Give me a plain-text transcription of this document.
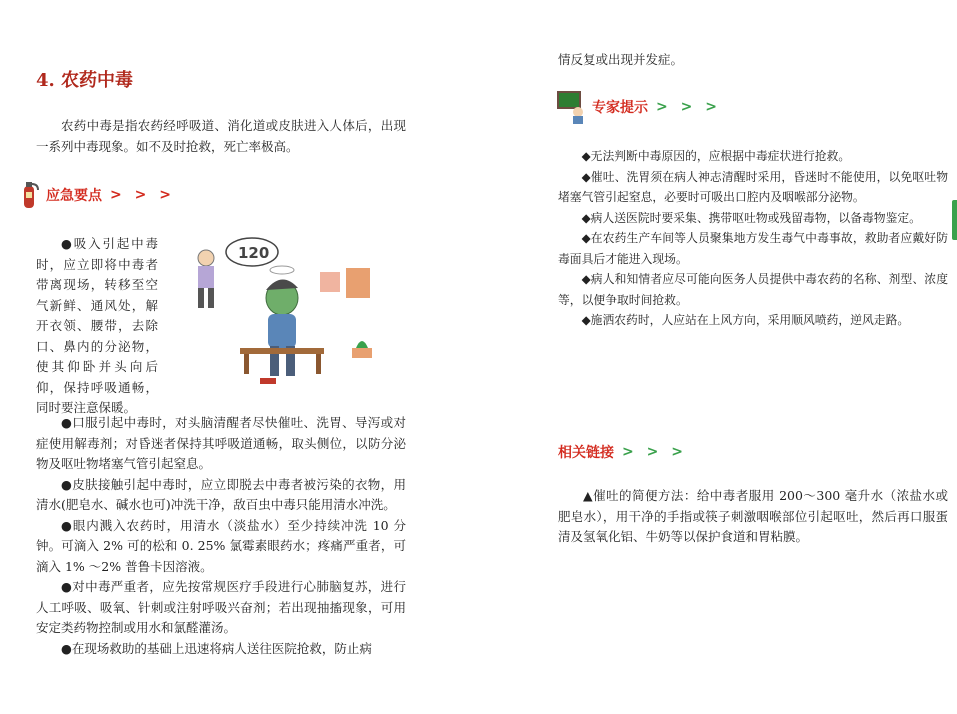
4. 农药中毒

农药中毒是指农药经呼吸道、消化道或皮肤进入人体后，出现一系列中毒现象。如不及时抢救，死亡率极高。

应急要点 > > >

●吸入引起中毒时，应立即将中毒者带离现场，转移至空气新鲜、通风处，解开衣领、腰带，去除口、鼻内的分泌物，使其仰卧并头向后仰，保持呼吸通畅，同时要注意保暖。

120

●口服引起中毒时，对头脑清醒者尽快催吐、洗胃、导泻或对症使用解毒剂；对昏迷者保持其呼吸道通畅，取头侧位，以防分泌物及呕吐物堵塞气管引起窒息。

●皮肤接触引起中毒时，应立即脱去中毒者被污染的衣物，用清水(肥皂水、碱水也可)冲洗干净，敌百虫中毒只能用清水冲洗。

●眼内溅入农药时，用清水（淡盐水）至少持续冲洗 10 分钟。可滴入 2% 可的松和 0. 25% 氯霉素眼药水；疼痛严重者，可滴入 1% ～2% 普鲁卡因溶液。

●对中毒严重者，应先按常规医疗手段进行心肺脑复苏，进行人工呼吸、吸氧、针刺或注射呼吸兴奋剂；若出现抽搐现象，可用安定类药物控制或用水和氯醛灌汤。

●在现场救助的基础上迅速将病人送往医院抢救，防止病

情反复或出现并发症。

专家提示 > > >

◆无法判断中毒原因的，应根据中毒症状进行抢救。

◆催吐、洗胃须在病人神志清醒时采用，昏迷时不能使用，以免呕吐物堵塞气管引起窒息，必要时可吸出口腔内及咽喉部分泌物。

◆病人送医院时要采集、携带呕吐物或残留毒物，以备毒物鉴定。

◆在农药生产车间等人员聚集地方发生毒气中毒事故，救助者应戴好防毒面具后才能进入现场。

◆病人和知情者应尽可能向医务人员提供中毒农药的名称、剂型、浓度等，以便争取时间抢救。

◆施洒农药时，人应站在上风方向，采用顺风喷药，逆风走路。

相关链接 > > >

▲催吐的简便方法：给中毒者服用 200～300 毫升水（浓盐水或肥皂水），用干净的手指或筷子刺激咽喉部位引起呕吐，然后再口服蛋清及氢氧化铝、牛奶等以保护食道和胃粘膜。
